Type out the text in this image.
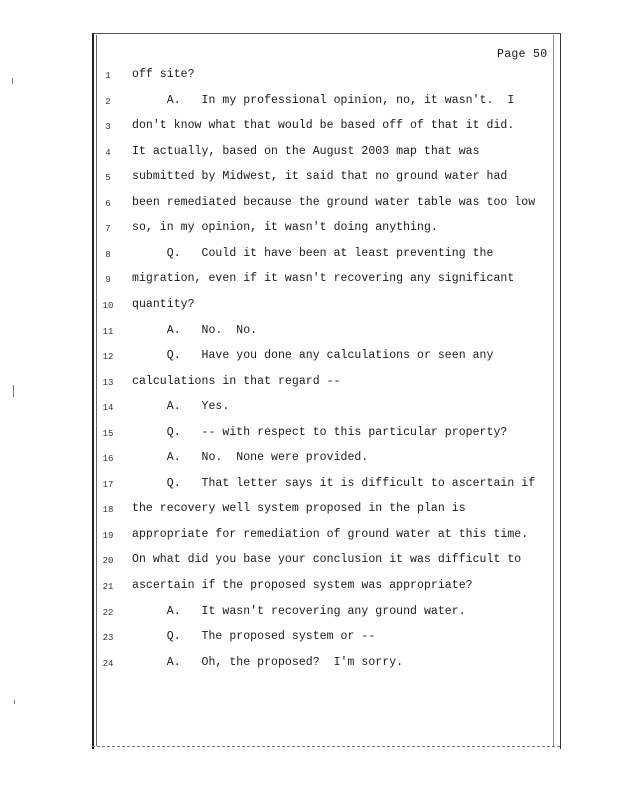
Page 50
1	off site?
2	A.   In my professional opinion, no, it wasn't.  I
3	don't know what that would be based off of that it did.
4	It actually, based on the August 2003 map that was
5	submitted by Midwest, it said that no ground water had
6	been remediated because the ground water table was too low
7	so, in my opinion, it wasn't doing anything.
8	Q.   Could it have been at least preventing the
9	migration, even if it wasn't recovering any significant
10 quantity?
11 A.   No.  No.
12 Q.   Have you done any calculations or seen any
13 calculations in that regard --
14 A.   Yes.
15 Q.   -- with respect to this particular property?
16 A.   No.  None were provided.
17 Q.   That letter says it is difficult to ascertain if
18 the recovery well system proposed in the plan is
19 appropriate for remediation of ground water at this time.
20 On what did you base your conclusion it was difficult to
21 ascertain if the proposed system was appropriate?
22 A.   It wasn't recovering any ground water.
23 Q.   The proposed system or --
24 A.   Oh, the proposed?  I'm sorry.
